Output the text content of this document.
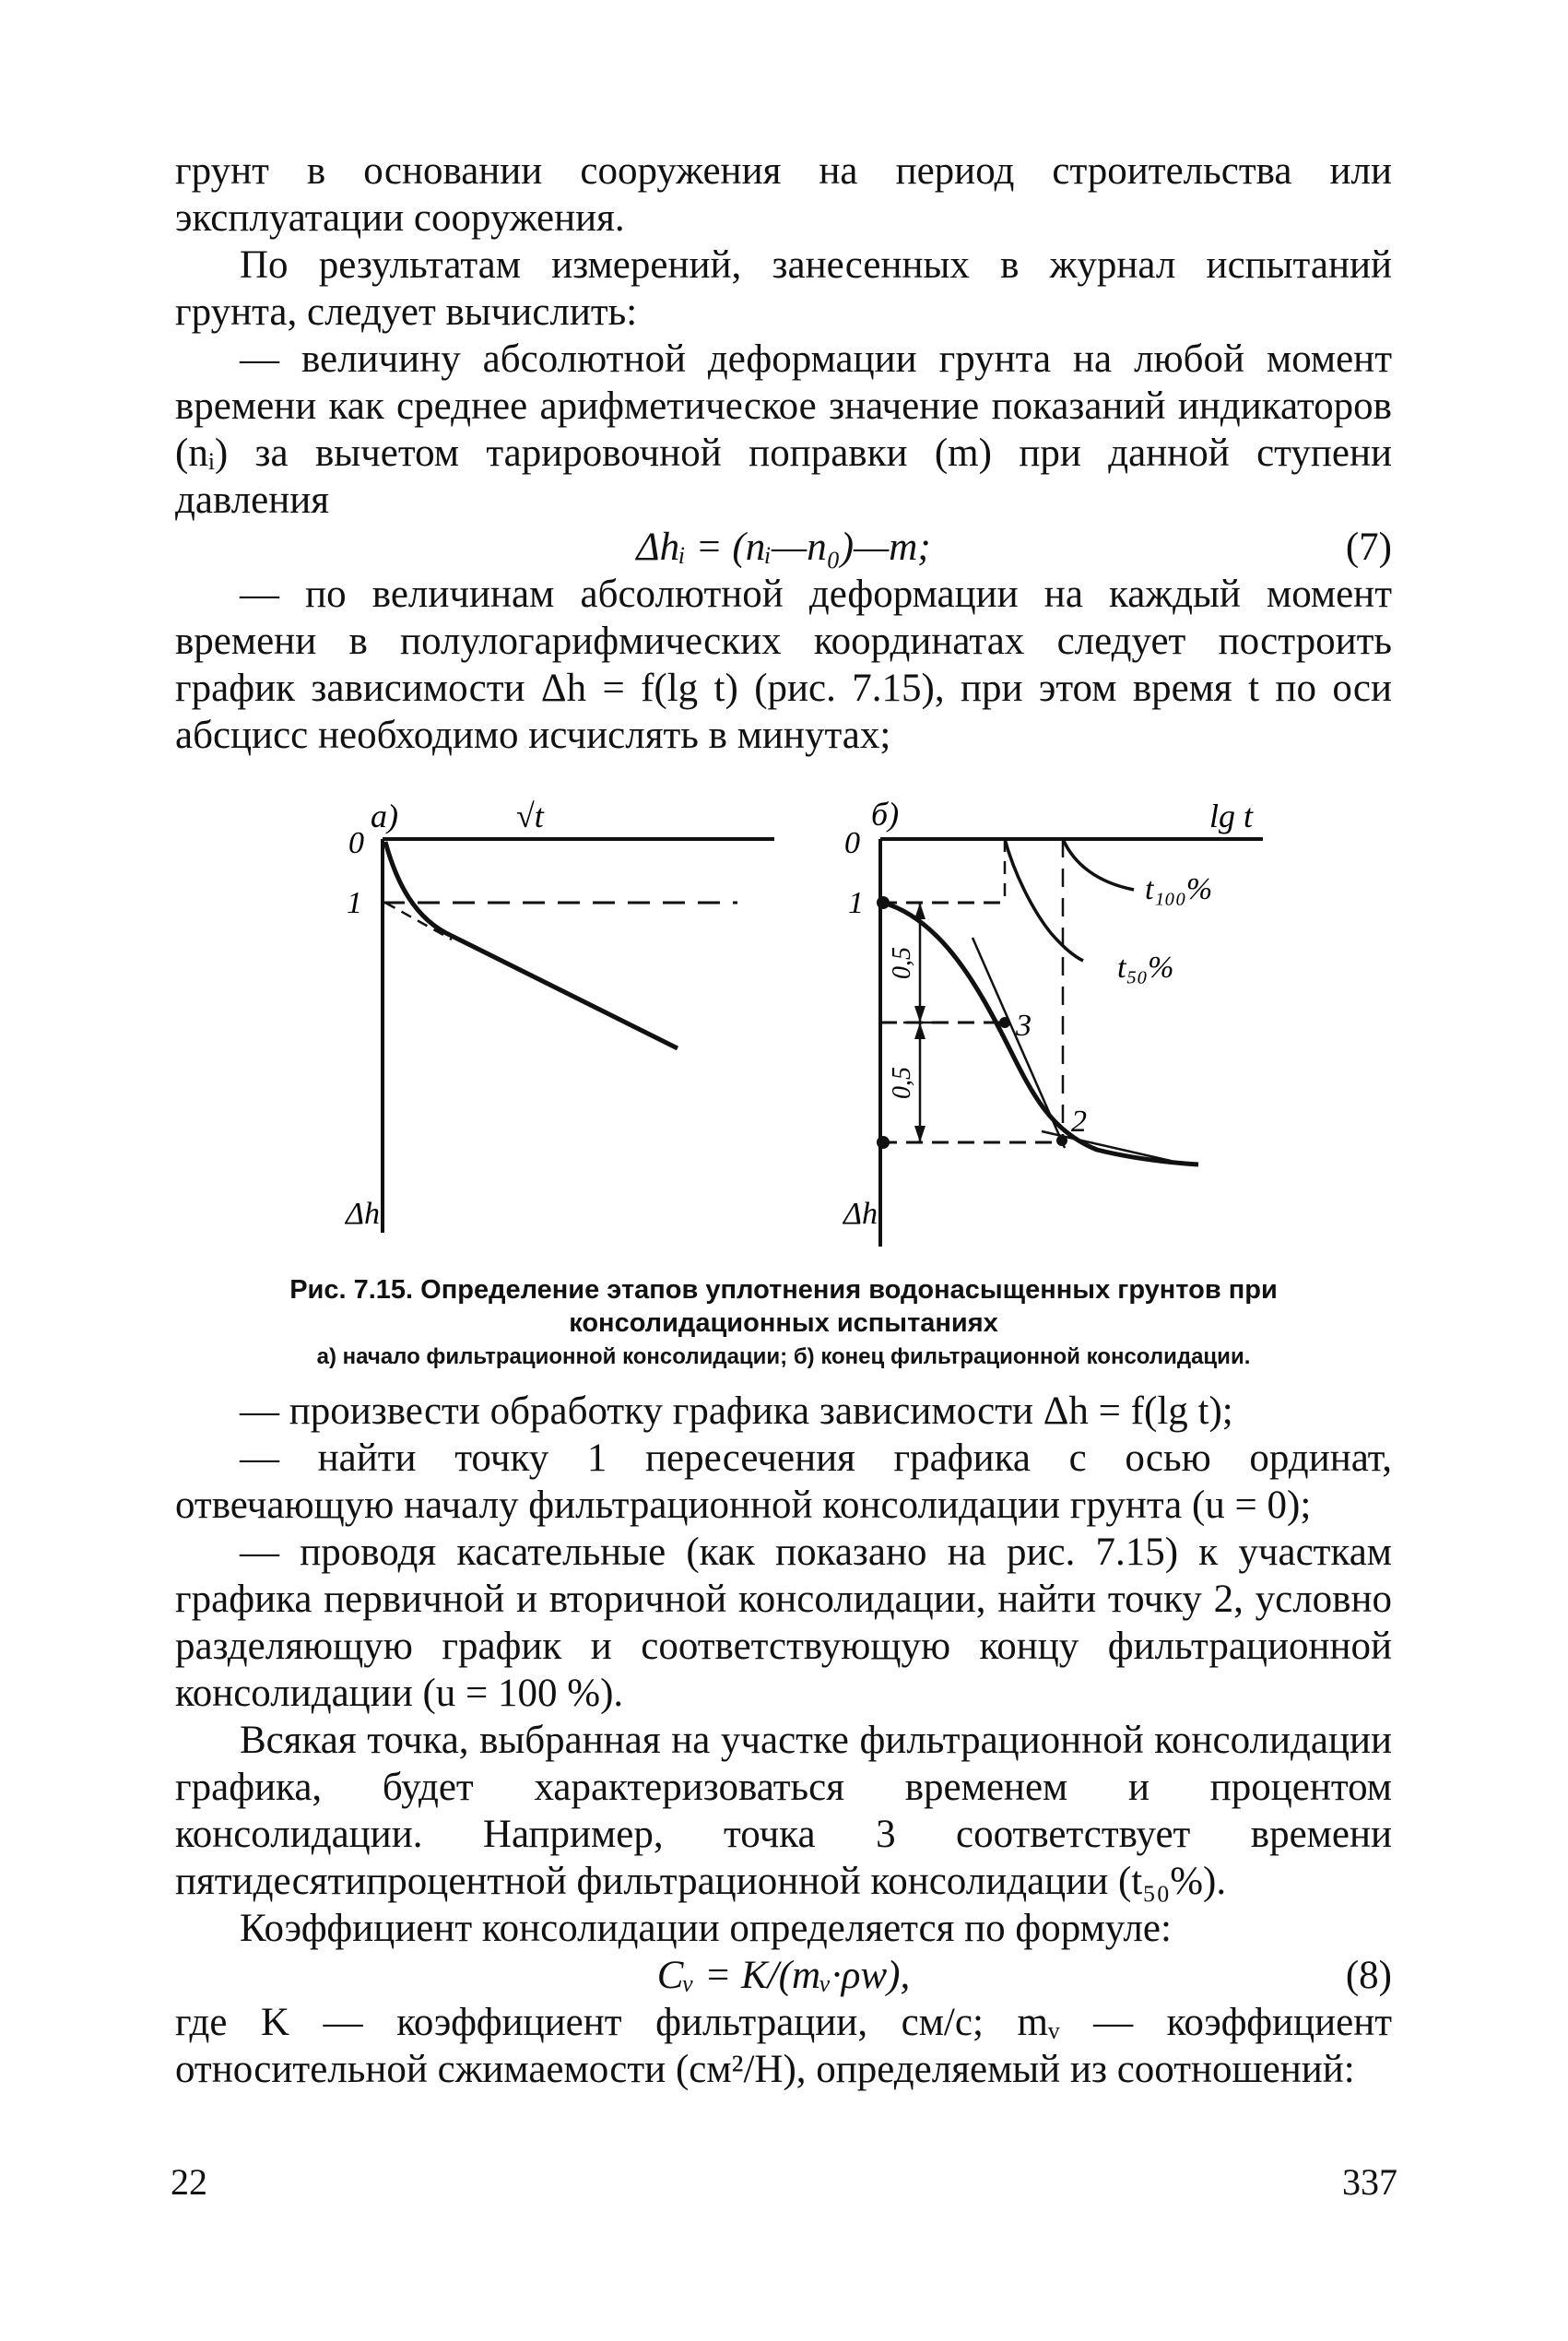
грунт в основании сооружения на период строительства или эксплуатации сооружения.

По результатам измерений, занесенных в журнал испытаний грунта, следует вычислить:

— величину абсолютной деформации грунта на любой момент времени как среднее арифметическое значение показаний индикаторов (nᵢ) за вычетом тарировочной поправки (m) при данной ступени давления

Δhᵢ = (nᵢ—n₀)—m;	(7)

— по величинам абсолютной деформации на каждый момент времени в полулогарифмических координатах следует построить график зависимости Δh = f(lg t) (рис. 7.15), при этом время t по оси абсцисс необходимо исчислять в минутах;

a)
0
√t
1
Δh
б)
0
lg t
1
0,5
0,5
3
2
t₁₀₀%
t₅₀%
Δh
Рис. 7.15. Определение этапов уплотнения водонасыщенных грунтов при консолидационных испытаниях
а) начало фильтрационной консолидации; б) конец фильтрационной консолидации.

— произвести обработку графика зависимости Δh = f(lg t);

— найти точку 1 пересечения графика с осью ординат, отвечающую началу фильтрационной консолидации грунта (u = 0);

— проводя касательные (как показано на рис. 7.15) к участкам графика первичной и вторичной консолидации, найти точку 2, условно разделяющую график и соответствующую концу фильтрационной консолидации (u = 100 %).

Всякая точка, выбранная на участке фильтрационной консолидации графика, будет характеризоваться временем и процентом консолидации. Например, точка 3 соответствует времени пятидесятипроцентной фильтрационной консолидации (t₅₀%).

Коэффициент консолидации определяется по формуле:

Cᵥ = K/(mᵥ·ρw),	(8)

где K — коэффициент фильтрации, см/с; mᵥ — коэффициент относительной сжимаемости (см²/Н), определяемый из соотношений:

22	337
